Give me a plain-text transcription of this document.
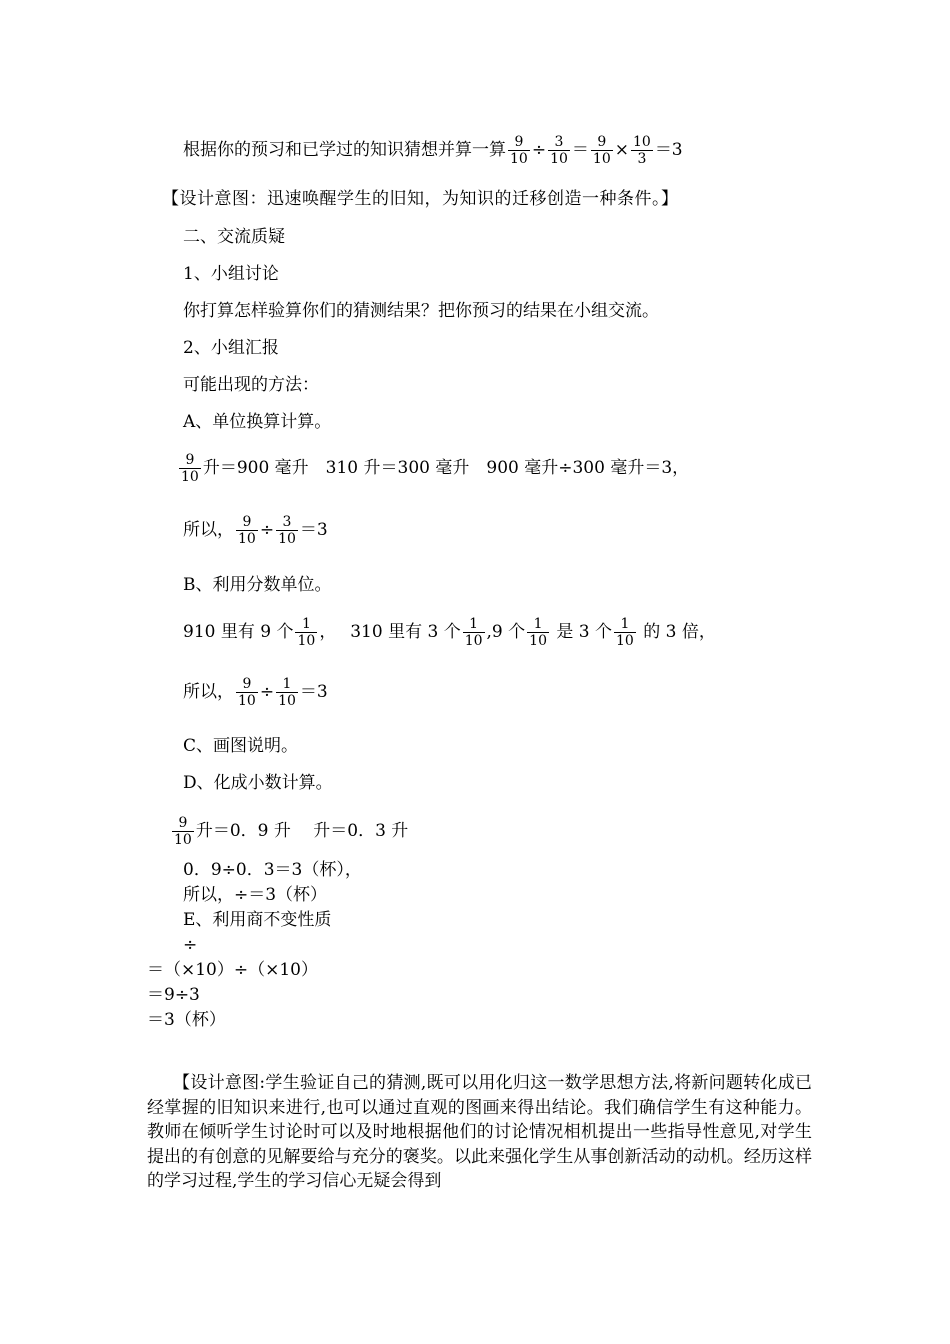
根据你的预习和已学过的知识猜想并算一算 $\frac{9}{10} \div \frac{3}{10} = \frac{9}{10} \times \frac{10}{3} =3$
【设计意图：迅速唤醒学生的旧知，为知识的迁移创造一种条件。】
二、交流质疑
1、小组讨论
你打算怎样验算你们的猜测结果？把你预习的结果在小组交流。
2、小组汇报
可能出现的方法：
A、单位换算计算。
$\frac{9}{10}$ 升＝900 毫升　310 升＝300 毫升　900 毫升÷300 毫升＝3，
所以， $\frac{9}{10} \div \frac{3}{10} =3$
B、利用分数单位。
910 里有 9 个 $\frac{1}{10}$ ，　 310 里有 3 个 $\frac{1}{10} ,9$ 个 $\frac{1}{10}$ 是 3 个 $\frac{1}{10}$ 的 3 倍，
所以， $\frac{9}{10} \div \frac{1}{10} =3$
C、画图说明。
D、化成小数计算。
$\frac{9}{10}$ 升＝0．9 升　 升＝0．3 升
0．9÷0．3＝3（杯），
所以，÷＝3（杯）
E、利用商不变性质
÷
＝（×10）÷（×10）
＝9÷3
＝3（杯）
　　【设计意图:学生验证自己的猜测,既可以用化归这一数学思想方法,将新问题转化成已经掌握的旧知识来进行,也可以通过直观的图画来得出结论。我们确信学生有这种能力。教师在倾听学生讨论时可以及时地根据他们的讨论情况相机提出一些指导性意见,对学生提出的有创意的见解要给与充分的褒奖。以此来强化学生从事创新活动的动机。经历这样的学习过程,学生的学习信心无疑会得到
